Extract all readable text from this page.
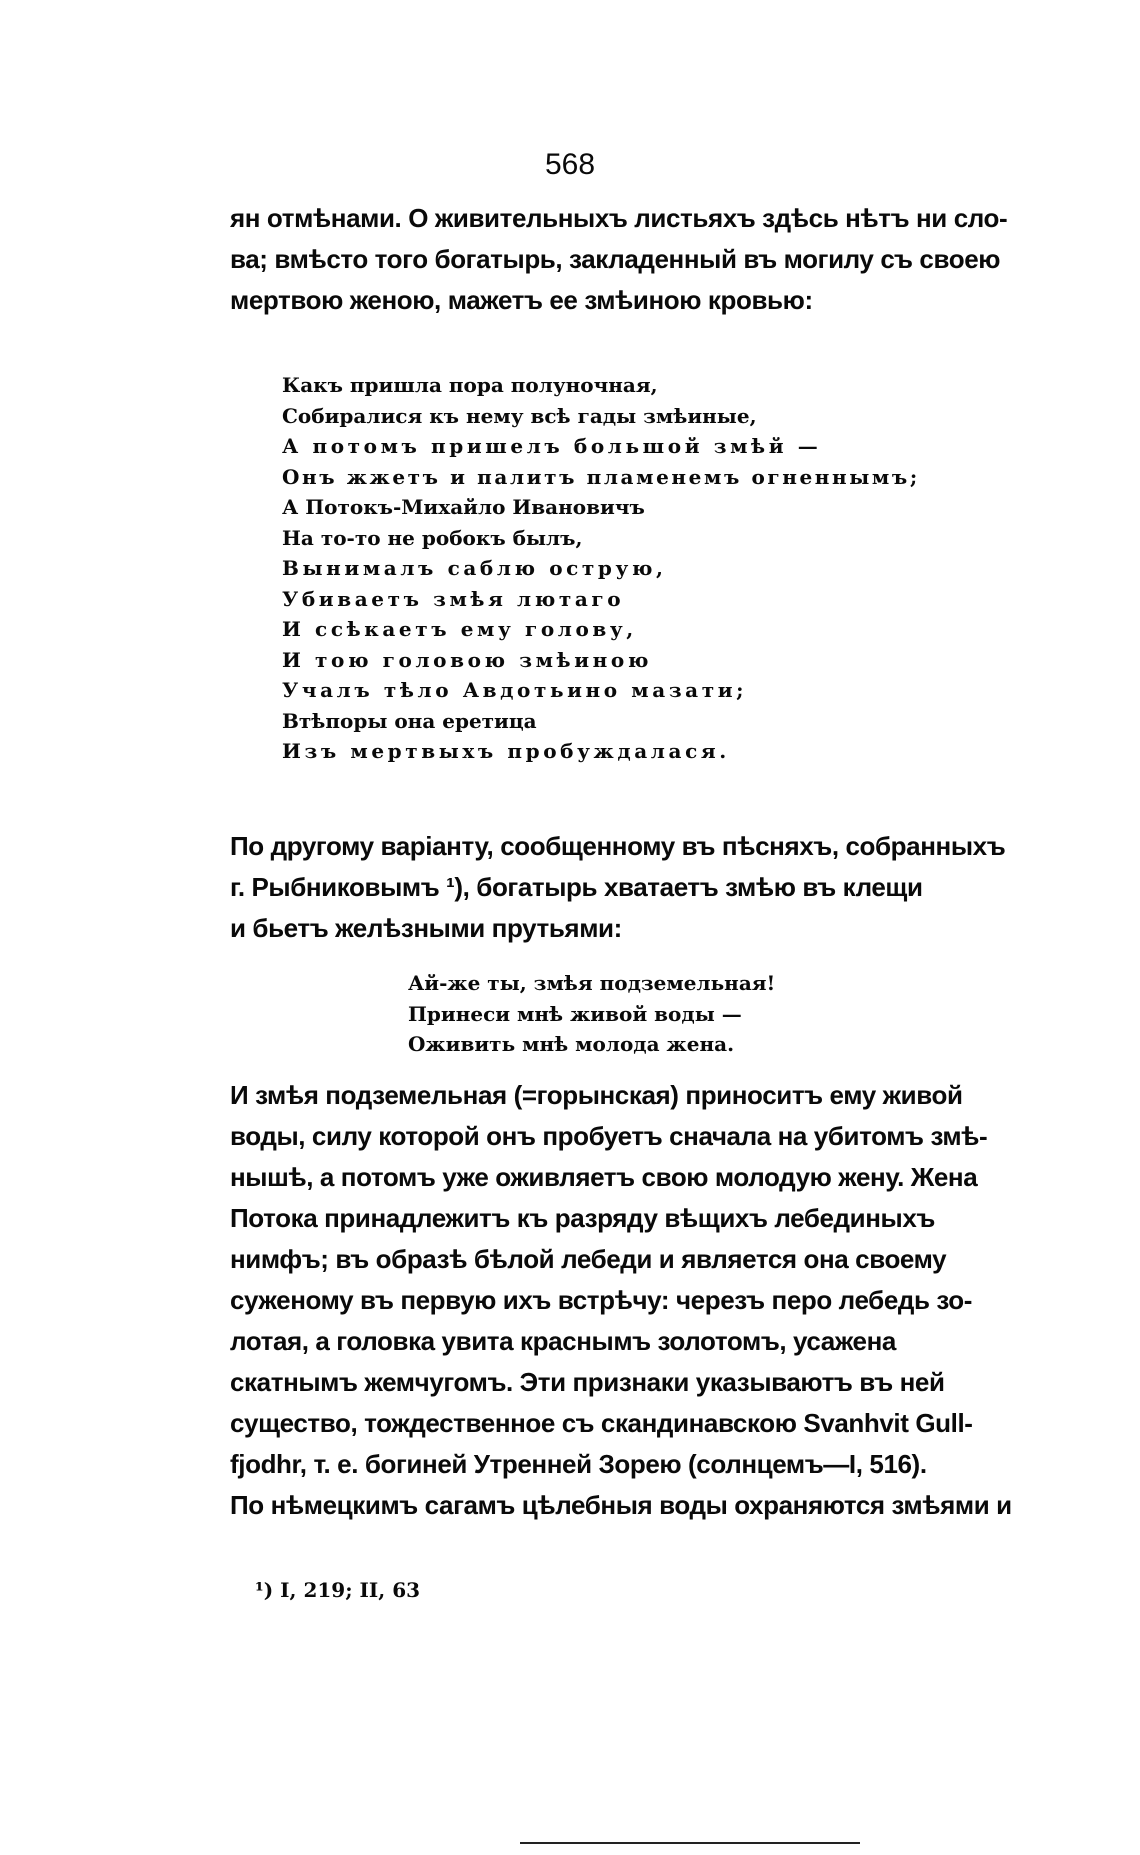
568
ян отмѣнами. О живительныхъ листьяхъ здѣсь нѣтъ ни сло-
ва; вмѣсто того богатырь, закладенный въ могилу съ своею
мертвою женою, мажетъ ее змѣиною кровью:
Какъ пришла пора полуночная,
Собиралися къ нему всѣ гады змѣиные,
А потомъ пришелъ большой змѣй —
Онъ жжетъ и палитъ пламенемъ огненнымъ;
А Потокъ-Михайло Ивановичъ
На то-то не робокъ былъ,
Вынималъ саблю острую,
Убиваетъ змѣя лютаго
И ссѣкаетъ ему голову,
И тою головою змѣиною
Учалъ тѣло Авдотьино мазати;
Втѣпоры она еретица
Изъ мертвыхъ пробуждалася.
По другому варіанту, сообщенному въ пѣсняхъ, собранныхъ
г. Рыбниковымъ ¹), богатырь хватаетъ змѣю въ клещи
и бьетъ желѣзными прутьями:
Ай-же ты, змѣя подземельная!
Принеси мнѣ живой воды —
Оживить мнѣ молода жена.
И змѣя подземельная (=горынская) приноситъ ему живой
воды, силу которой онъ пробуетъ сначала на убитомъ змѣ-
нышѣ, а потомъ уже оживляетъ свою молодую жену. Жена
Потока принадлежитъ къ разряду вѣщихъ лебединыхъ
нимфъ; въ образѣ бѣлой лебеди и является она своему
суженому въ первую ихъ встрѣчу: черезъ перо лебедь зо-
лотая, а головка увита краснымъ золотомъ, усажена
скатнымъ жемчугомъ. Эти признаки указываютъ въ ней
существо, тождественное съ скандинавскою Svanhvit Gull-
fjodhr, т. е. богиней Утренней Зорею (солнцемъ—I, 516).
По нѣмецкимъ сагамъ цѣлебныя воды охраняются змѣями и
¹) I, 219; II, 63
